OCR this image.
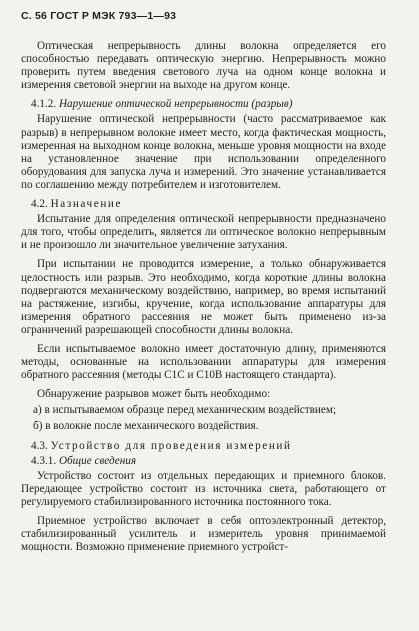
С. 56 ГОСТ Р МЭК 793—1—93

Оптическая непрерывность длины волокна определяется его способностью передавать оптическую энергию. Непрерывность можно проверить путем введения светового луча на одном конце волокна и измерения световой энергии на выходе на другом конце.

4.1.2. Нарушение оптической непрерывности (разрыв)

Нарушение оптической непрерывности (часто рассматриваемое как разрыв) в непрерывном волокне имеет место, когда фактическая мощность, измеренная на выходном конце волокна, меньше уровня мощности на входе на установленное значение при использовании определенного оборудования для запуска луча и измерений. Это значение устанавливается по соглашению между потребителем и изготовителем.

4.2. Назначение

Испытание для определения оптической непрерывности предназначено для того, чтобы определить, является ли оптическое волокно непрерывным и не произошло ли значительное увеличение затухания.

При испытании не проводится измерение, а только обнаруживается целостность или разрыв. Это необходимо, когда короткие длины волокна подвергаются механическому воздействию, например, во время испытаний на растяжение, изгибы, кручение, когда использование аппаратуры для измерения обратного рассеяния не может быть применено из-за ограничений разрешающей способности длины волокна.

Если испытываемое волокно имеет достаточную длину, применяются методы, основанные на использовании аппаратуры для измерения обратного рассеяния (методы С1С и С10В настоящего стандарта).

Обнаружение разрывов может быть необходимо:

а) в испытываемом образце перед механическим воздействием;

б) в волокне после механического воздействия.

4.3. Устройство для проведения измерений

4.3.1. Общие сведения

Устройство состоит из отдельных передающих и приемного блоков. Передающее устройство состоит из источника света, работающего от регулируемого стабилизированного источника постоянного тока.

Приемное устройство включает в себя оптоэлектронный детектор, стабилизированный усилитель и измеритель уровня принимаемой мощности. Возможно применение приемного устройст-
